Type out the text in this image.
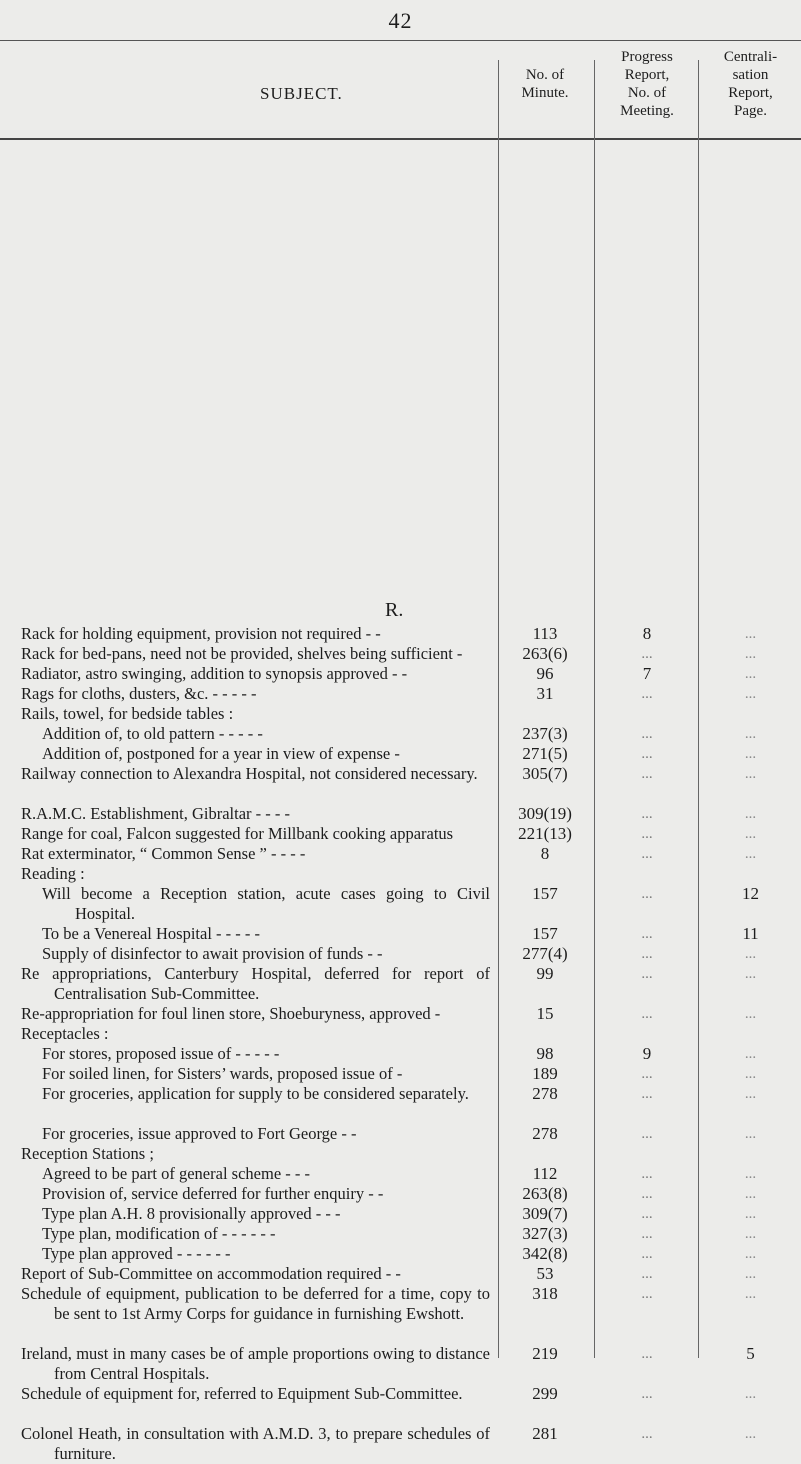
42
SUBJECT.
No. of
Minute.
Progress
Report,
No. of
Meeting.
Centrali-
sation
Report,
Page.
R.
Rack for holding equipment, provision not required - -	113	8	...
Rack for bed-pans, need not be provided, shelves being sufficient -	263(6)	...	...
Radiator, astro swinging, addition to synopsis approved - -	96	7	...
Rags for cloths, dusters, &c. - - - - -	31	...	...
Rails, towel, for bedside tables :
Addition of, to old pattern - - - - -	237(3)	...	...
Addition of, postponed for a year in view of expense -	271(5)	...	...
Railway connection to Alexandra Hospital, not considered necessary.	305(7)	...	...
R.A.M.C. Establishment, Gibraltar - - - -	309(19)	...	...
Range for coal, Falcon suggested for Millbank cooking apparatus	221(13)	...	...
Rat exterminator, “ Common Sense ” - - - -	8	...	...
Reading :
Will become a Reception station, acute cases going to Civil Hospital.
157	...	12
To be a Venereal Hospital - - - - -	157	...	11
Supply of disinfector to await provision of funds - -	277(4)	...	...
Re appropriations, Canterbury Hospital, deferred for report of Centralisation Sub-Committee.
99	...	...
Re-appropriation for foul linen store, Shoeburyness, approved -	15	...	...
Receptacles :
For stores, proposed issue of - - - - -	98	9	...
For soiled linen, for Sisters’ wards, proposed issue of -	189	...	...
For groceries, application for supply to be considered separately.	278	...	...
For groceries, issue approved to Fort George - -	278	...	...
Reception Stations ;
Agreed to be part of general scheme - - -	112	...	...
Provision of, service deferred for further enquiry - -	263(8)	...	...
Type plan A.H. 8 provisionally approved - - -	309(7)	...	...
Type plan, modification of - - - - - -	327(3)	...	...
Type plan approved - - - - - -	342(8)	...	...
Report of Sub-Committee on accommodation required - -	53	...	...
Schedule of equipment, publication to be deferred for a time, copy to be sent to 1st Army Corps for guidance in furnishing Ewshott.
318	...	...
Ireland, must in many cases be of ample proportions owing to distance from Central Hospitals.
219	...	5
Schedule of equipment for, referred to Equipment Sub-Committee.	299	...	...
Colonel Heath, in consultation with A.M.D. 3, to prepare schedules of furniture.
281	...	...
